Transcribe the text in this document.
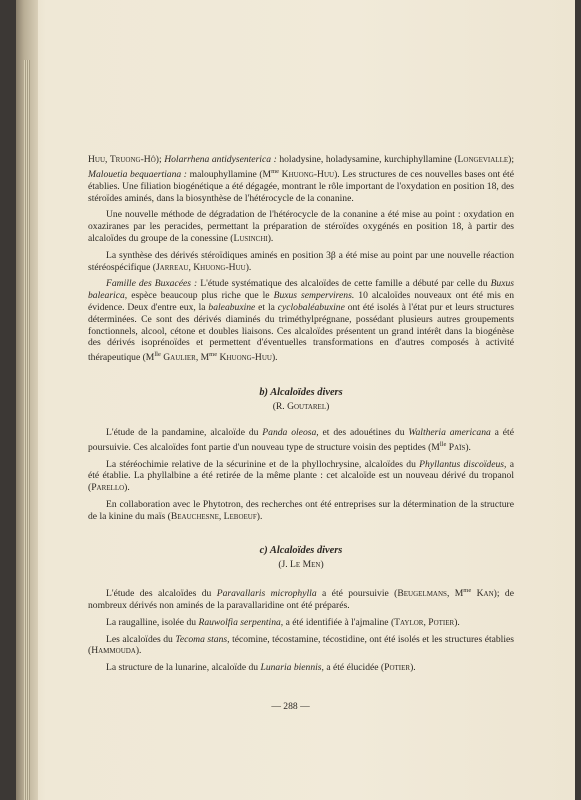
Huu, Truong-Hô); Holarrhena antidysenterica : holadysine, holadysamine, kurchiphyllamine (Longevialle); Malouetia bequaertiana : malouphyllamine ($M^{me}$ Khuong-Huu). Les structures de ces nouvelles bases ont été établies. Une filiation biogénétique a été dégagée, montrant le rôle important de l'oxydation en position 18, des stéroïdes aminés, dans la biosynthèse de l'hétérocycle de la conanine.

Une nouvelle méthode de dégradation de l'hétérocycle de la conanine a été mise au point : oxydation en oxaziranes par les peracides, permettant la préparation de stéroïdes oxygénés en position 18, à partir des alcaloïdes du groupe de la conessine (Lusinchi).

La synthèse des dérivés stéroïdiques aminés en position 3β a été mise au point par une nouvelle réaction stéréospécifique (Jarreau, Khuong-Huu).

Famille des Buxacées : L'étude systématique des alcaloïdes de cette famille a débuté par celle du Buxus balearica, espèce beaucoup plus riche que le Buxus sempervirens. 10 alcaloïdes nouveaux ont été mis en évidence. Deux d'entre eux, la baleabuxine et la cyclobaléabuxine ont été isolés à l'état pur et leurs structures déterminées. Ce sont des dérivés diaminés du triméthylprégnane, possédant plusieurs autres groupements fonctionnels, alcool, cétone et doubles liaisons. Ces alcaloïdes présentent un grand intérêt dans la biogénèse des dérivés isoprénoïdes et permettent d'éventuelles transformations en d'autres composés à activité thérapeutique ($M^{lle}$ Gaulier, $M^{me}$ Khuong-Huu).

b) Alcaloïdes divers

(R. Goutarel)

L'étude de la pandamine, alcaloïde du Panda oleosa, et des adouétines du Waltheria americana a été poursuivie. Ces alcaloïdes font partie d'un nouveau type de structure voisin des peptides ($M^{lle}$ Païs).

La stéréochimie relative de la sécurinine et de la phyllochrysine, alcaloïdes du Phyllantus discoïdeus, a été établie. La phyllalbine a été retirée de la même plante : cet alcaloïde est un nouveau dérivé du tropanol (Parello).

En collaboration avec le Phytotron, des recherches ont été entreprises sur la détermination de la structure de la kinine du maïs (Beauchesne, Leboeuf).

c) Alcaloïdes divers

(J. Le Men)

L'étude des alcaloïdes du Paravallaris microphylla a été poursuivie (Beugelmans, $M^{me}$ Kan); de nombreux dérivés non aminés de la paravallaridine ont été préparés.

La raugalline, isolée du Rauwolfia serpentina, a été identifiée à l'ajmaline (Taylor, Potier).

Les alcaloïdes du Tecoma stans, técomine, técostamine, técostidine, ont été isolés et les structures établies (Hammouda).

La structure de la lunarine, alcaloïde du Lunaria biennis, a été élucidée (Potier).

— 288 —
